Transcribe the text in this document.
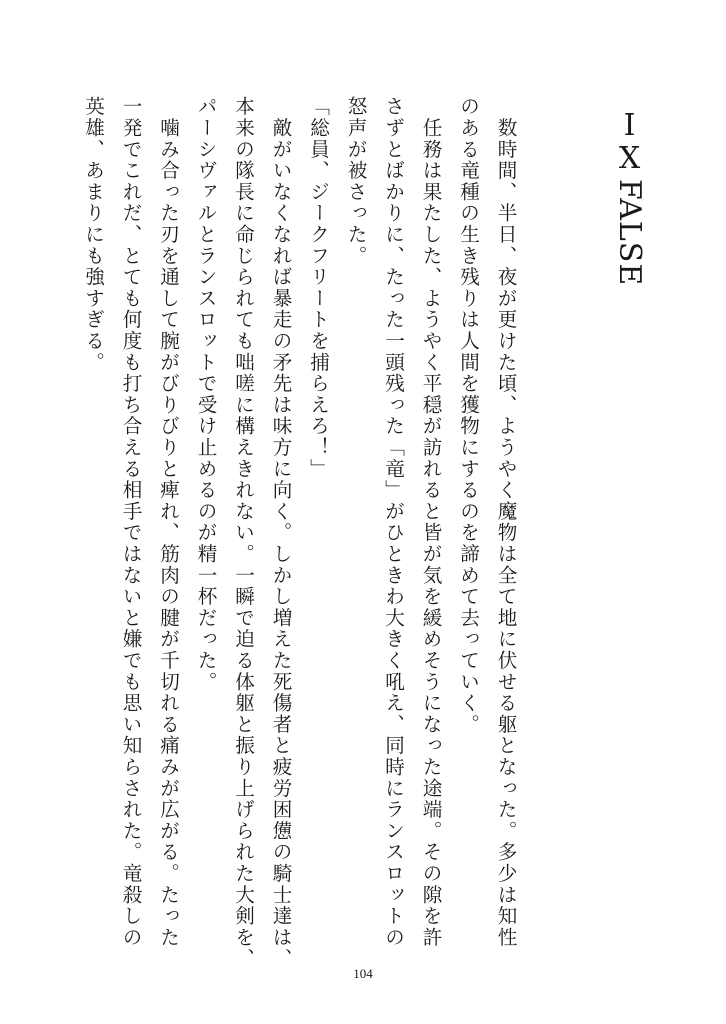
IX FALSE
　数時間、半日、夜が更けた頃、ようやく魔物は全て地に伏せる躯となった。多少は知性
のある竜種の生き残りは人間を獲物にするのを諦めて去っていく。
　任務は果たした、ようやく平穏が訪れると皆が気を緩めそうになった途端。その隙を許
さずとばかりに、たった一頭残った「竜」がひときわ大きく吼え、同時にランスロットの
怒声が被さった。
「総員、ジークフリートを捕らえろ！」
　敵がいなくなれば暴走の矛先は味方に向く。しかし増えた死傷者と疲労困憊の騎士達は、
本来の隊長に命じられても咄嗟に構えきれない。一瞬で迫る体躯と振り上げられた大剣を、
パーシヴァルとランスロットで受け止めるのが精一杯だった。
　噛み合った刃を通して腕がびりびりと痺れ、筋肉の腱が千切れる痛みが広がる。たった
一発でこれだ、とても何度も打ち合える相手ではないと嫌でも思い知らされた。竜殺しの
英雄、あまりにも強すぎる。
104
